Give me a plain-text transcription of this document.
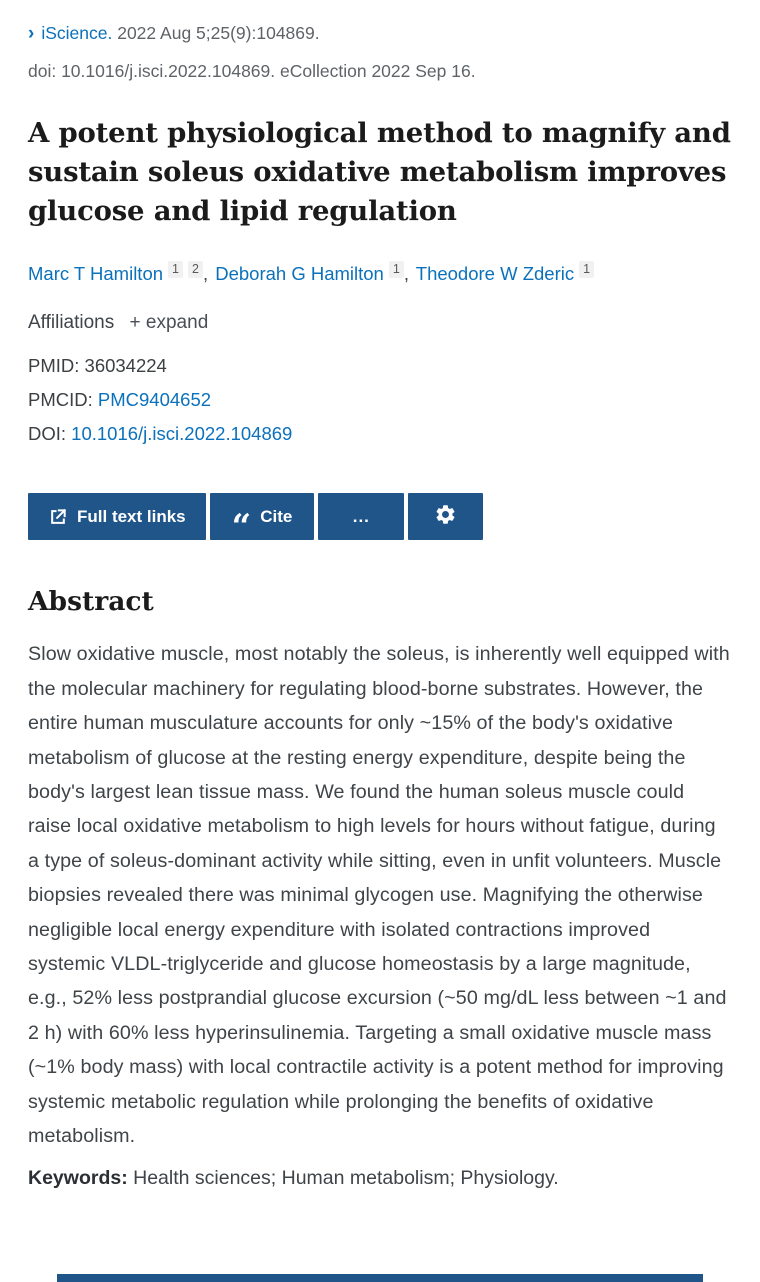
› iScience. 2022 Aug 5;25(9):104869.
doi: 10.1016/j.isci.2022.104869. eCollection 2022 Sep 16.
A potent physiological method to magnify and sustain soleus oxidative metabolism improves glucose and lipid regulation
Marc T Hamilton $^1$ $^2$ , Deborah G Hamilton $^1$ , Theodore W Zderic $^1$
Affiliations + expand
PMID: 36034224
PMCID: PMC9404652
DOI: 10.1016/j.isci.2022.104869
Full text links “ Cite	...
Abstract

Slow oxidative muscle, most notably the soleus, is inherently well equipped with the molecular machinery for regulating blood-borne substrates. However, the entire human musculature accounts for only ~15% of the body's oxidative metabolism of glucose at the resting energy expenditure, despite being the body's largest lean tissue mass. We found the human soleus muscle could raise local oxidative metabolism to high levels for hours without fatigue, during a type of soleus-dominant activity while sitting, even in unfit volunteers. Muscle biopsies revealed there was minimal glycogen use. Magnifying the otherwise negligible local energy expenditure with isolated contractions improved systemic VLDL-triglyceride and glucose homeostasis by a large magnitude, e.g., 52% less postprandial glucose excursion (~50 mg/dL less between ~1 and 2 h) with 60% less hyperinsulinemia. Targeting a small oxidative muscle mass (~1% body mass) with local contractile activity is a potent method for improving systemic metabolic regulation while prolonging the benefits of oxidative metabolism.

Keywords: Health sciences; Human metabolism; Physiology.
